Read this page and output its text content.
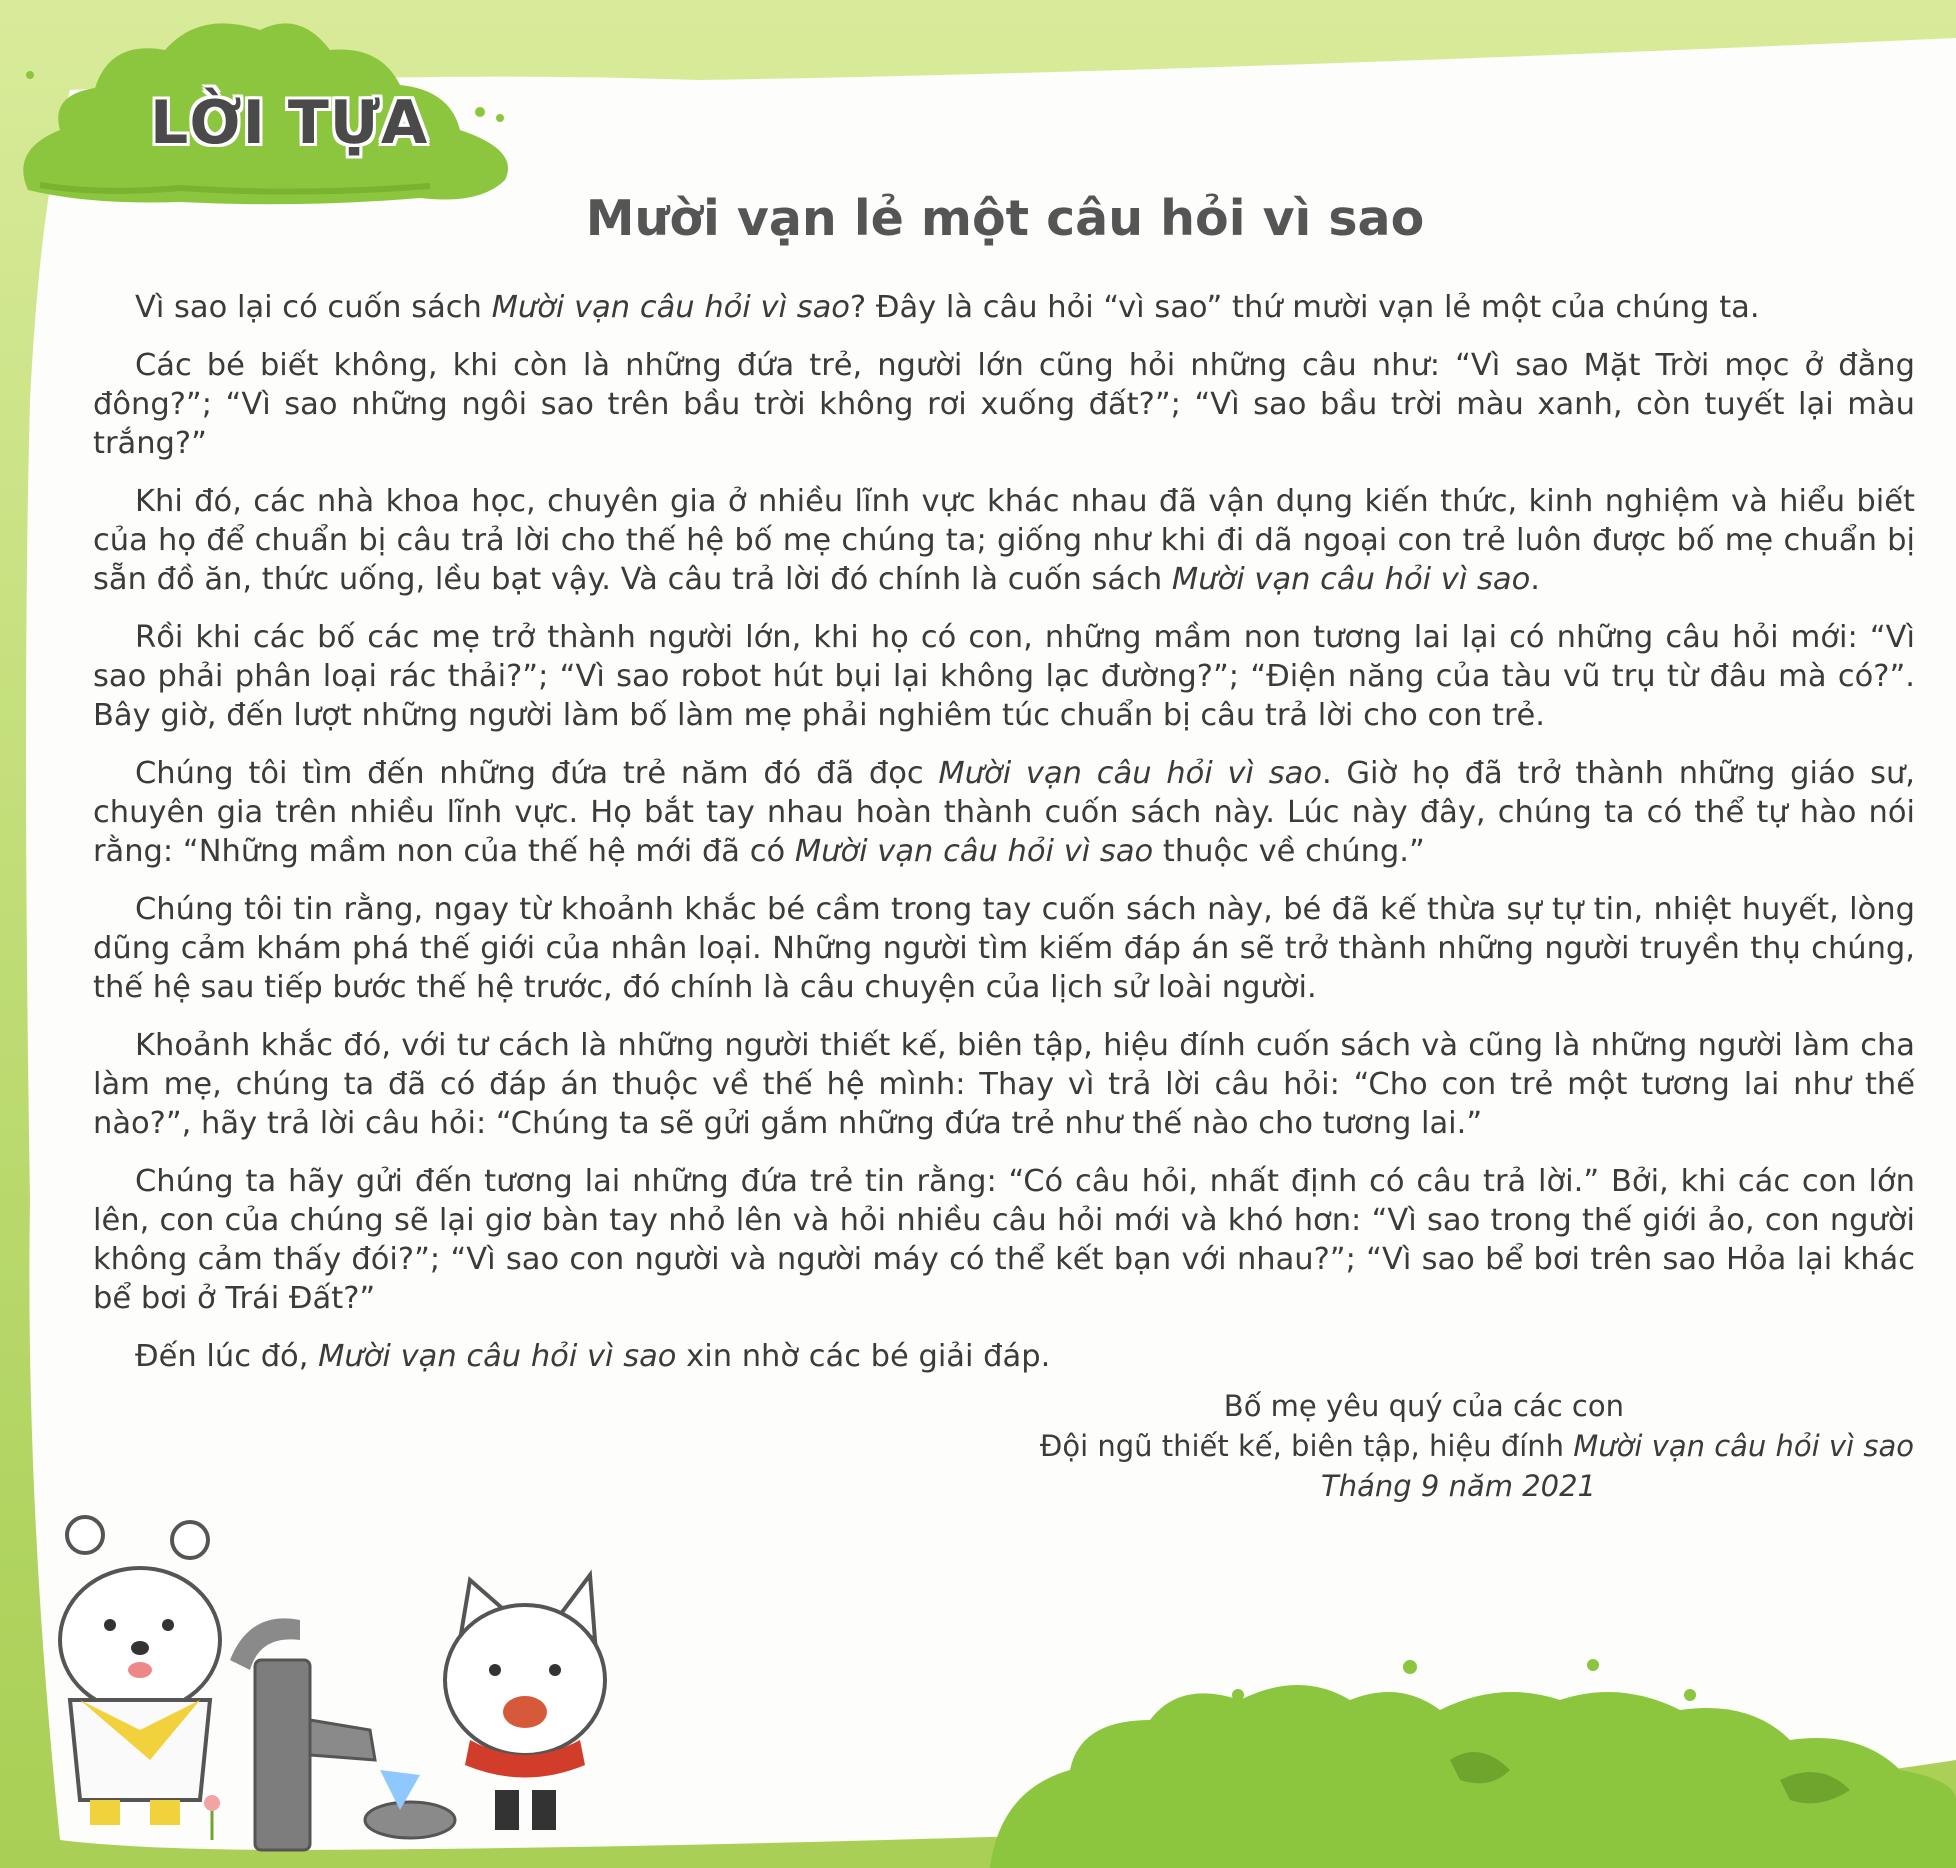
LỜI TỰA
Mười vạn lẻ một câu hỏi vì sao

Vì sao lại có cuốn sách Mười vạn câu hỏi vì sao? Đây là câu hỏi “vì sao” thứ mười vạn lẻ một của chúng ta.

Các bé biết không, khi còn là những đứa trẻ, người lớn cũng hỏi những câu như: “Vì sao Mặt Trời mọc ở đằng đông?”; “Vì sao những ngôi sao trên bầu trời không rơi xuống đất?”; “Vì sao bầu trời màu xanh, còn tuyết lại màu trắng?”

Khi đó, các nhà khoa học, chuyên gia ở nhiều lĩnh vực khác nhau đã vận dụng kiến thức, kinh nghiệm và hiểu biết của họ để chuẩn bị câu trả lời cho thế hệ bố mẹ chúng ta; giống như khi đi dã ngoại con trẻ luôn được bố mẹ chuẩn bị sẵn đồ ăn, thức uống, lều bạt vậy. Và câu trả lời đó chính là cuốn sách Mười vạn câu hỏi vì sao.

Rồi khi các bố các mẹ trở thành người lớn, khi họ có con, những mầm non tương lai lại có những câu hỏi mới: “Vì sao phải phân loại rác thải?”; “Vì sao robot hút bụi lại không lạc đường?”; “Điện năng của tàu vũ trụ từ đâu mà có?”. Bây giờ, đến lượt những người làm bố làm mẹ phải nghiêm túc chuẩn bị câu trả lời cho con trẻ.

Chúng tôi tìm đến những đứa trẻ năm đó đã đọc Mười vạn câu hỏi vì sao. Giờ họ đã trở thành những giáo sư, chuyên gia trên nhiều lĩnh vực. Họ bắt tay nhau hoàn thành cuốn sách này. Lúc này đây, chúng ta có thể tự hào nói rằng: “Những mầm non của thế hệ mới đã có Mười vạn câu hỏi vì sao thuộc về chúng.”

Chúng tôi tin rằng, ngay từ khoảnh khắc bé cầm trong tay cuốn sách này, bé đã kế thừa sự tự tin, nhiệt huyết, lòng dũng cảm khám phá thế giới của nhân loại. Những người tìm kiếm đáp án sẽ trở thành những người truyền thụ chúng, thế hệ sau tiếp bước thế hệ trước, đó chính là câu chuyện của lịch sử loài người.

Khoảnh khắc đó, với tư cách là những người thiết kế, biên tập, hiệu đính cuốn sách và cũng là những người làm cha làm mẹ, chúng ta đã có đáp án thuộc về thế hệ mình: Thay vì trả lời câu hỏi: “Cho con trẻ một tương lai như thế nào?”, hãy trả lời câu hỏi: “Chúng ta sẽ gửi gắm những đứa trẻ như thế nào cho tương lai.”

Chúng ta hãy gửi đến tương lai những đứa trẻ tin rằng: “Có câu hỏi, nhất định có câu trả lời.” Bởi, khi các con lớn lên, con của chúng sẽ lại giơ bàn tay nhỏ lên và hỏi nhiều câu hỏi mới và khó hơn: “Vì sao trong thế giới ảo, con người không cảm thấy đói?”; “Vì sao con người và người máy có thể kết bạn với nhau?”; “Vì sao bể bơi trên sao Hỏa lại khác bể bơi ở Trái Đất?”

Đến lúc đó, Mười vạn câu hỏi vì sao xin nhờ các bé giải đáp.

Bố mẹ yêu quý của các con
Đội ngũ thiết kế, biên tập, hiệu đính Mười vạn câu hỏi vì sao
Tháng 9 năm 2021
